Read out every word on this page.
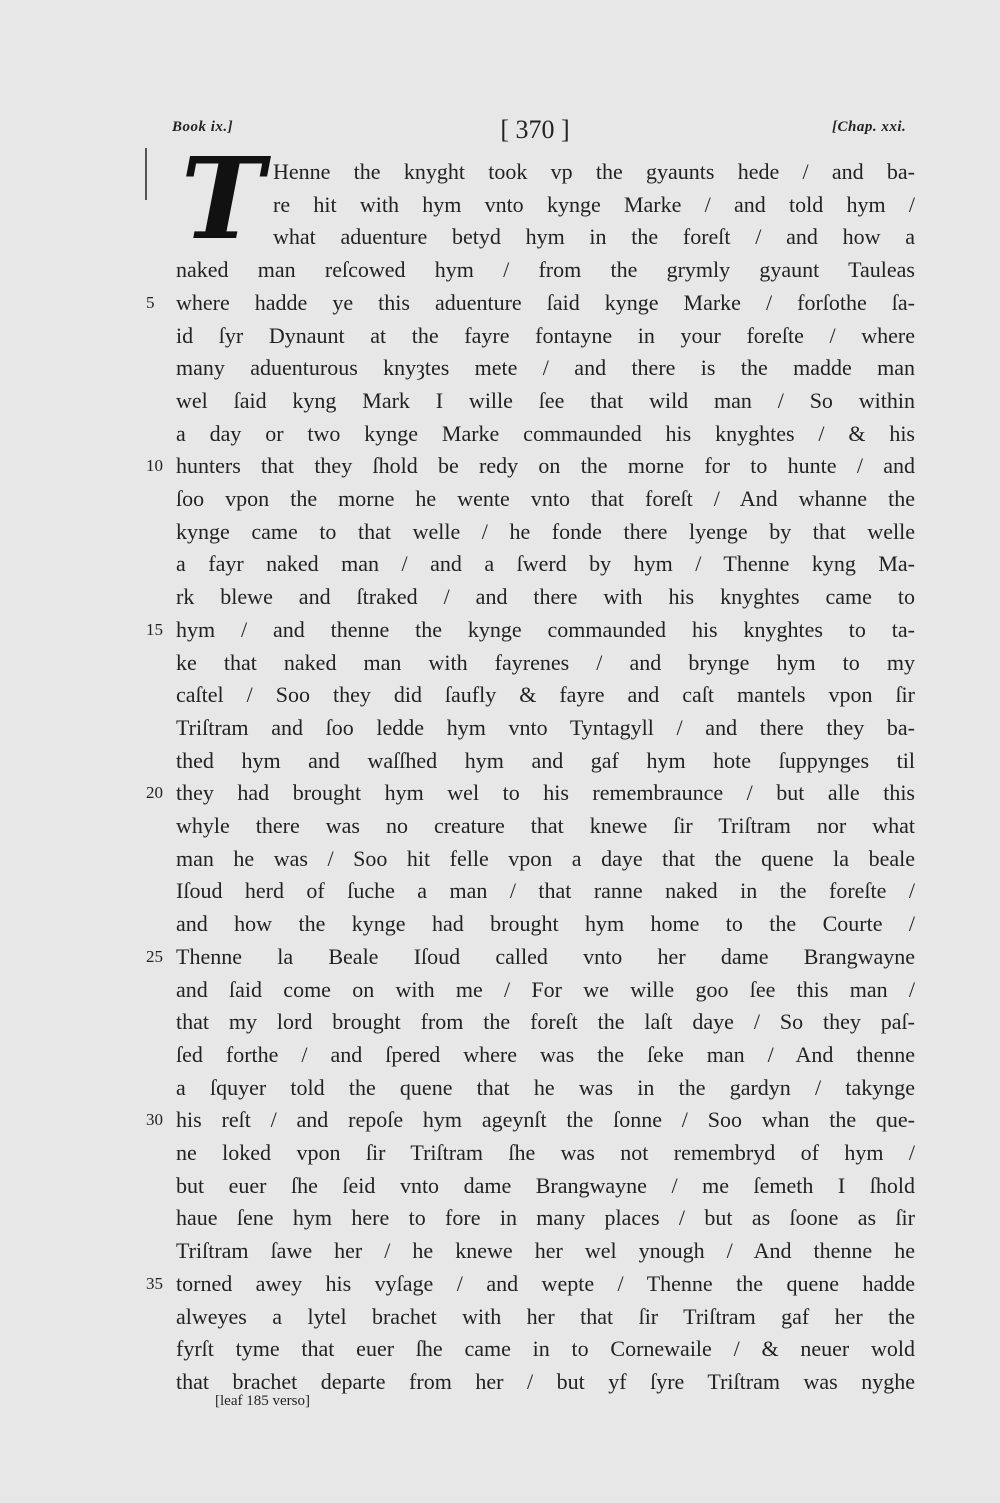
Book ix.]	[ 370 ]	[Chap. xxi.
T Henne the knyght took vp the gyaunts hede / and ba-
re hit with hym vnto kynge Marke / and told hym /
what aduenture betyd hym in the foreſt / and how a
naked man reſcowed hym / from the grymly gyaunt Tauleas
where hadde ye this aduenture ſaid kynge Marke / forſothe ſa-
id ſyr Dynaunt at the fayre fontayne in your foreſte / where
many aduenturous knyȝtes mete / and there is the madde man
wel ſaid kyng Mark I wille ſee that wild man / So within
a day or two kynge Marke commaunded his knyghtes / & his
hunters that they ſhold be redy on the morne for to hunte / and
ſoo vpon the morne he wente vnto that foreſt / And whanne the
kynge came to that welle / he fonde there lyenge by that welle
a fayr naked man / and a ſwerd by hym / Thenne kyng Ma-
rk blewe and ſtraked / and there with his knyghtes came to
hym / and thenne the kynge commaunded his knyghtes to ta-
ke that naked man with fayrenes / and brynge hym to my
caſtel / Soo they did ſaufly & fayre and caſt mantels vpon ſir
Triſtram and ſoo ledde hym vnto Tyntagyll / and there they ba-
thed hym and waſſhed hym and gaf hym hote ſuppynges til
they had brought hym wel to his remembraunce / but alle this
whyle there was no creature that knewe ſir Triſtram nor what
man he was / Soo hit felle vpon a daye that the quene la beale
Iſoud herd of ſuche a man / that ranne naked in the foreſte /
and how the kynge had brought hym home to the Courte /
Thenne la Beale Iſoud called vnto her dame Brangwayne
and ſaid come on with me / For we wille goo ſee this man /
that my lord brought from the foreſt the laſt daye / So they paſ-
ſed forthe / and ſpered where was the ſeke man / And thenne
a ſquyer told the quene that he was in the gardyn / takynge
his reſt / and repoſe hym ageynſt the ſonne / Soo whan the que-
ne loked vpon ſir Triſtram ſhe was not remembryd of hym /
but euer ſhe ſeid vnto dame Brangwayne / me ſemeth I ſhold
haue ſene hym here to fore in many places / but as ſoone as ſir
Triſtram ſawe her / he knewe her wel ynough / And thenne he
torned awey his vyſage / and wepte / Thenne the quene hadde
alweyes a lytel brachet with her that ſir Triſtram gaf her the
fyrſt tyme that euer ſhe came in to Cornewaile / & neuer wold
that brachet departe from her / but yf ſyre Triſtram was nyghe
5
10
15
20
25
30
35
[leaf 185 verso]
